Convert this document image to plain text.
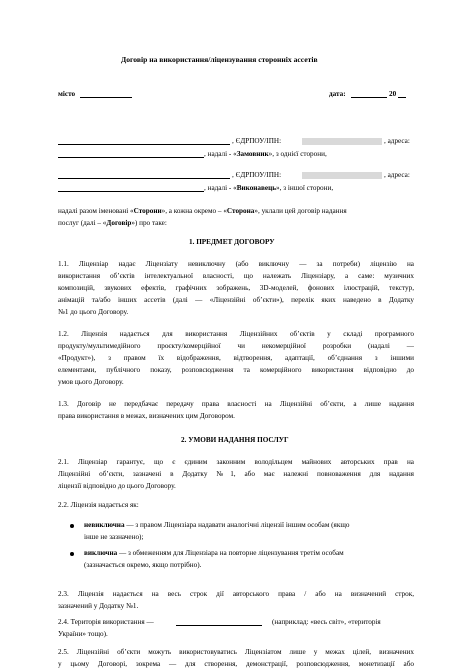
Договір на використання/ліцензування сторонніх ассетів
місто	дата:	20
, ЄДРПОУ/ІПН:	, адреса:
, надалі - «Замовник», з однієї сторони,
, ЄДРПОУ/ІПН:	, адреса:
, надалі - «Виконавець», з іншої сторони,
надалі разом іменовані «Сторони», а кожна окремо – «Сторона», уклали цей договір надання
послуг (далі – «Договір») про таке:
1. ПРЕДМЕТ ДОГОВОРУ
1.1. Ліцензіар надає Ліцензіату невиключну (або виключну — за потреби) ліцензію на
використання об’єктів інтелектуальної власності, що належать Ліцензіару, а саме: музичних
композицій, звукових ефектів, графічних зображень, 3D-моделей, фонових ілюстрацій, текстур,
анімацій та/або інших ассетів (далі — «Ліцензійні об’єкти»), перелік яких наведено в Додатку
№1 до цього Договору.
1.2. Ліцензія надається для використання Ліцензійних об’єктів у складі програмного
продукту/мультимедійного проєкту/комерційної чи некомерційної розробки (надалі —
«Продукт»), з правом їх відображення, відтворення, адаптації, об’єднання з іншими
елементами, публічного показу, розповсюдження та комерційного використання відповідно до
умов цього Договору.
1.3. Договір не передбачає передачу права власності на Ліцензійні об’єкти, а лише надання
права використання в межах, визначених цим Договором.
2. УМОВИ НАДАННЯ ПОСЛУГ
2.1. Ліцензіар гарантує, що є єдиним законним володільцем майнових авторських прав на
Ліцензійні об’єкти, зазначені в Додатку №1, або має належні повноваження для надання
ліцензії відповідно до цього Договору.
2.2. Ліцензія надається як:
невиключна — з правом Ліцензіара надавати аналогічні ліцензії іншим особам (якщо
інше не зазначено);
виключна — з обмеженням для Ліцензіара на повторне ліцензування третім особам
(зазначається окремо, якщо потрібно).
2.3. Ліцензія надається на весь строк дії авторського права / або на визначений строк,
зазначений у Додатку №1.
2.4. Територія використання —	(наприклад: «весь світ», «територія
України» тощо).
2.5. Ліцензійні об’єкти можуть використовуватись Ліцензіатом лише у межах цілей, визначених
у цьому Договорі, зокрема — для створення, демонстрації, розповсюдження, монетизації або
